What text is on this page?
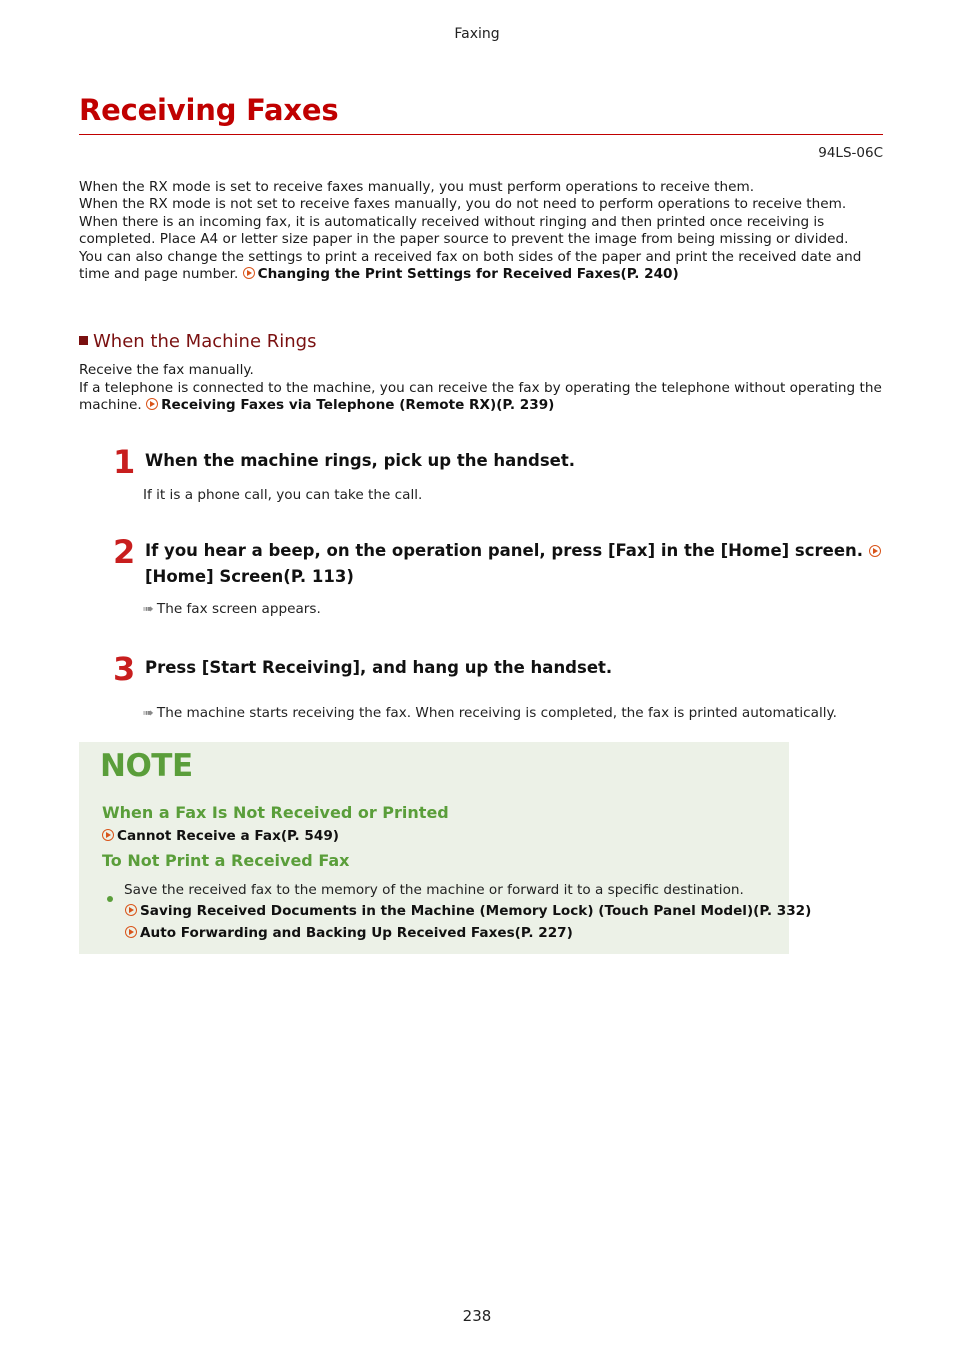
Faxing
Receiving Faxes
94LS-06C

When the RX mode is set to receive faxes manually, you must perform operations to receive them.

When the RX mode is not set to receive faxes manually, you do not need to perform operations to receive them. When there is an incoming fax, it is automatically received without ringing and then printed once receiving is completed. Place A4 or letter size paper in the paper source to prevent the image from being missing or divided.

You can also change the settings to print a received fax on both sides of the paper and print the received date and time and page number. Changing the Print Settings for Received Faxes(P. 240)

When the Machine Rings

Receive the fax manually.

If a telephone is connected to the machine, you can receive the fax by operating the telephone without operating the machine. Receiving Faxes via Telephone (Remote RX)(P. 239)

1 When the machine rings, pick up the handset.
If it is a phone call, you can take the call.
2 If you hear a beep, on the operation panel, press [Fax] in the [Home] screen. [Home] Screen(P. 113)
➠ The fax screen appears.
3 Press [Start Receiving], and hang up the handset.
➠ The machine starts receiving the fax. When receiving is completed, the fax is printed automatically.
NOTE
When a Fax Is Not Received or Printed
Cannot Receive a Fax(P. 549)
To Not Print a Received Fax
Save the received fax to the memory of the machine or forward it to a specific destination.
Saving Received Documents in the Machine (Memory Lock) (Touch Panel Model)(P. 332)
Auto Forwarding and Backing Up Received Faxes(P. 227)
238
